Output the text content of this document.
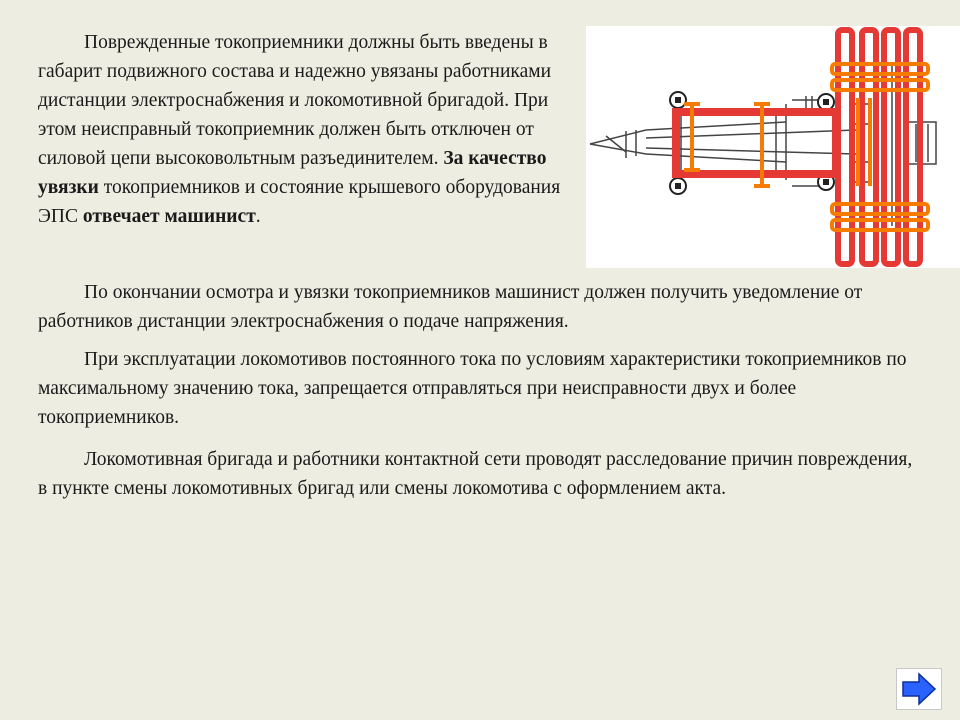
Поврежденные токоприемники должны быть введены в габарит подвижного состава и надежно увязаны работниками дистанции электроснабжения и локомотивной бригадой. При этом неисправный токоприемник должен быть отключен от силовой цепи высоковольтным разъединителем. За качество увязки токоприемников и состояние крышевого оборудования ЭПС отвечает машинист.

По окончании осмотра и увязки токоприемников машинист должен получить уведомление от работников дистанции электроснабжения о подаче напряжения.

При эксплуатации локомотивов постоянного тока по условиям характеристики токоприемников по максимальному значению тока, запрещается отправляться при неисправности двух и более токоприемников.

Локомотивная бригада и работники контактной сети проводят расследование причин повреждения, в пункте смены локомотивных бригад или смены локомотива с оформлением акта.
